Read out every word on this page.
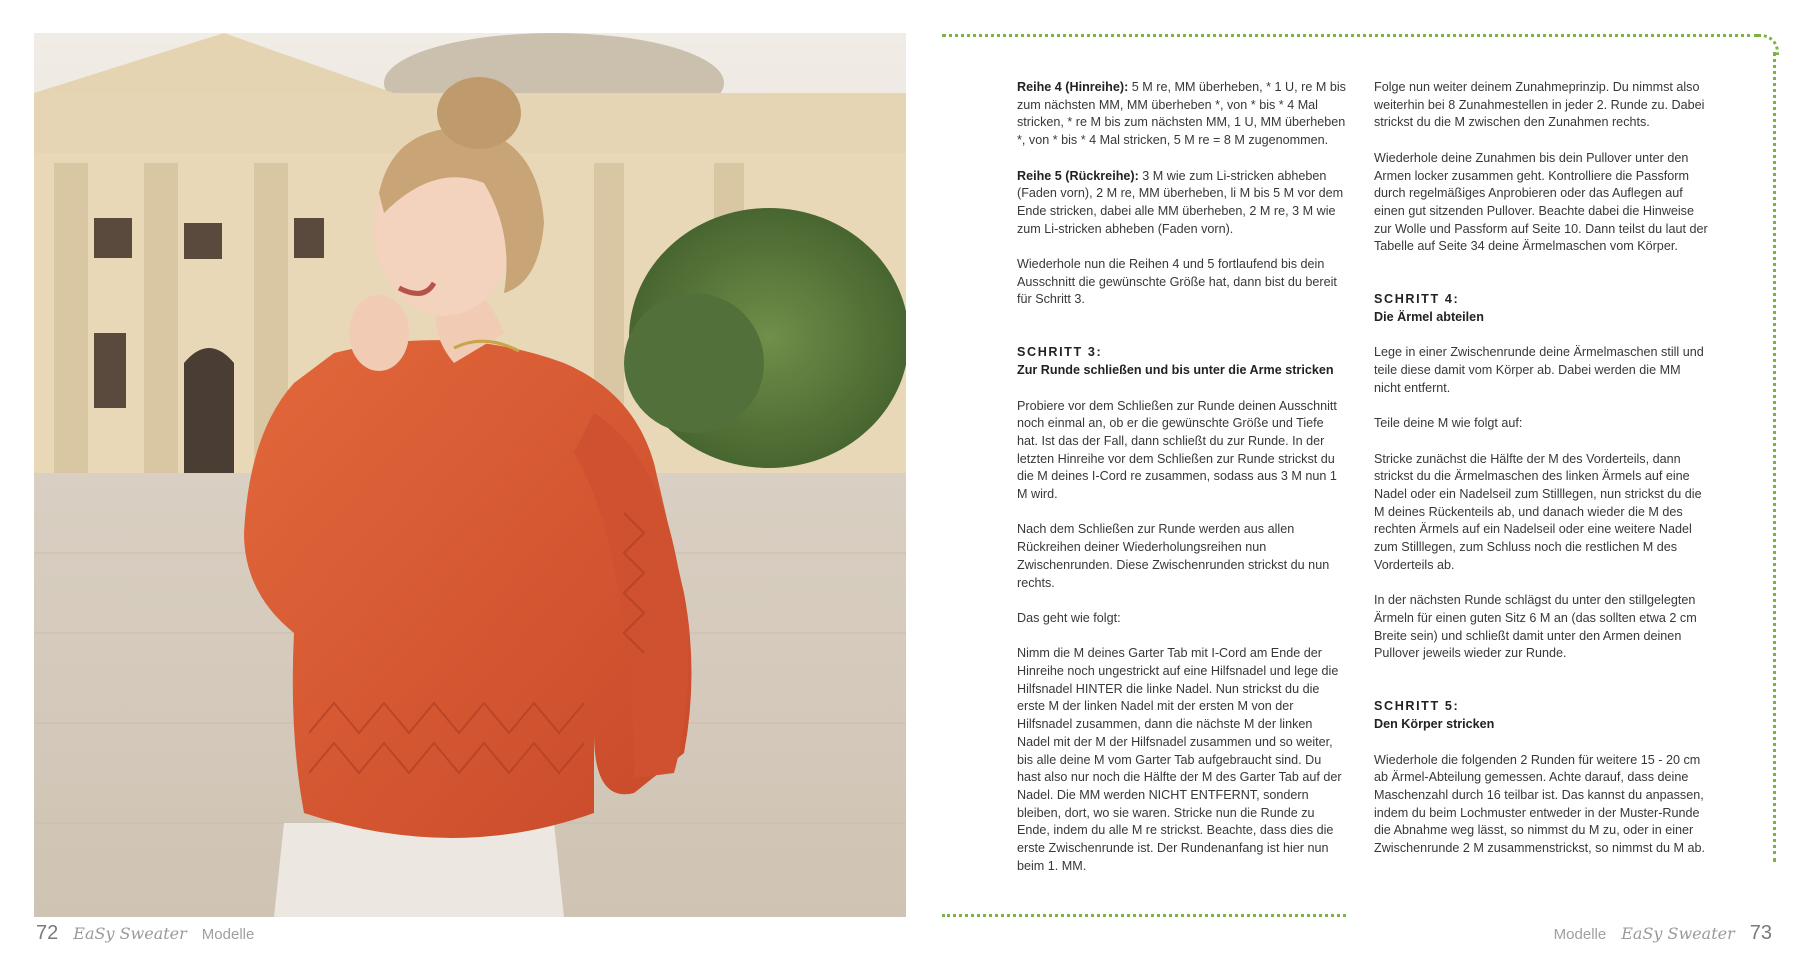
72 EaSy Sweater Modelle

Reihe 4 (Hinreihe): 5 M re, MM überheben, * 1 U, re M bis zum nächsten MM, MM überheben *, von * bis * 4 Mal stricken, * re M bis zum nächsten MM, 1 U, MM überheben *, von * bis * 4 Mal stricken, 5 M re = 8 M zugenommen.

Reihe 5 (Rückreihe): 3 M wie zum Li-stricken abheben (Faden vorn), 2 M re, MM überheben, li M bis 5 M vor dem Ende stricken, dabei alle MM überheben, 2 M re, 3 M wie zum Li-stricken abheben (Faden vorn).

Wiederhole nun die Reihen 4 und 5 fortlaufend bis dein Ausschnitt die gewünschte Größe hat, dann bist du bereit für Schritt 3.

SCHRITT 3:
Zur Runde schließen und bis unter die Arme stricken

Probiere vor dem Schließen zur Runde deinen Ausschnitt noch einmal an, ob er die gewünschte Größe und Tiefe hat. Ist das der Fall, dann schließt du zur Runde. In der letzten Hinreihe vor dem Schließen zur Runde strickst du die M deines I-Cord re zusammen, sodass aus 3 M nun 1 M wird.

Nach dem Schließen zur Runde werden aus allen Rückreihen deiner Wiederholungsreihen nun Zwischenrunden. Diese Zwischenrunden strickst du nun rechts.

Das geht wie folgt:

Nimm die M deines Garter Tab mit I-Cord am Ende der Hinreihe noch ungestrickt auf eine Hilfsnadel und lege die Hilfsnadel HINTER die linke Nadel. Nun strickst du die erste M der linken Nadel mit der ersten M von der Hilfsnadel zusammen, dann die nächste M der linken Nadel mit der M der Hilfsnadel zusammen und so weiter, bis alle deine M vom Garter Tab aufgebraucht sind. Du hast also nur noch die Hälfte der M des Garter Tab auf der Nadel. Die MM werden NICHT ENTFERNT, sondern bleiben, dort, wo sie waren. Stricke nun die Runde zu Ende, indem du alle M re strickst. Beachte, dass dies die erste Zwischenrunde ist. Der Rundenanfang ist hier nun beim 1. MM.

Folge nun weiter deinem Zunahmeprinzip. Du nimmst also weiterhin bei 8 Zunahmestellen in jeder 2. Runde zu. Dabei strickst du die M zwischen den Zunahmen rechts.

Wiederhole deine Zunahmen bis dein Pullover unter den Armen locker zusammen geht. Kontrolliere die Passform durch regelmäßiges Anprobieren oder das Auflegen auf einen gut sitzenden Pullover. Beachte dabei die Hinweise zur Wolle und Passform auf Seite 10. Dann teilst du laut der Tabelle auf Seite 34 deine Ärmelmaschen vom Körper.

SCHRITT 4:
Die Ärmel abteilen

Lege in einer Zwischenrunde deine Ärmelmaschen still und teile diese damit vom Körper ab. Dabei werden die MM nicht entfernt.

Teile deine M wie folgt auf:

Stricke zunächst die Hälfte der M des Vorderteils, dann strickst du die Ärmelmaschen des linken Ärmels auf eine Nadel oder ein Nadelseil zum Stilllegen, nun strickst du die M deines Rückenteils ab, und danach wieder die M des rechten Ärmels auf ein Nadelseil oder eine weitere Nadel zum Stilllegen, zum Schluss noch die restlichen M des Vorderteils ab.

In der nächsten Runde schlägst du unter den stillgelegten Ärmeln für einen guten Sitz 6 M an (das sollten etwa 2 cm Breite sein) und schließt damit unter den Armen deinen Pullover jeweils wieder zur Runde.

SCHRITT 5:
Den Körper stricken

Wiederhole die folgenden 2 Runden für weitere 15 - 20 cm ab Ärmel-Abteilung gemessen. Achte darauf, dass deine Maschenzahl durch 16 teilbar ist. Das kannst du anpassen, indem du beim Lochmuster entweder in der Muster-Runde die Abnahme weg lässt, so nimmst du M zu, oder in einer Zwischenrunde 2 M zusammenstrickst, so nimmst du M ab.

Modelle EaSy Sweater 73
